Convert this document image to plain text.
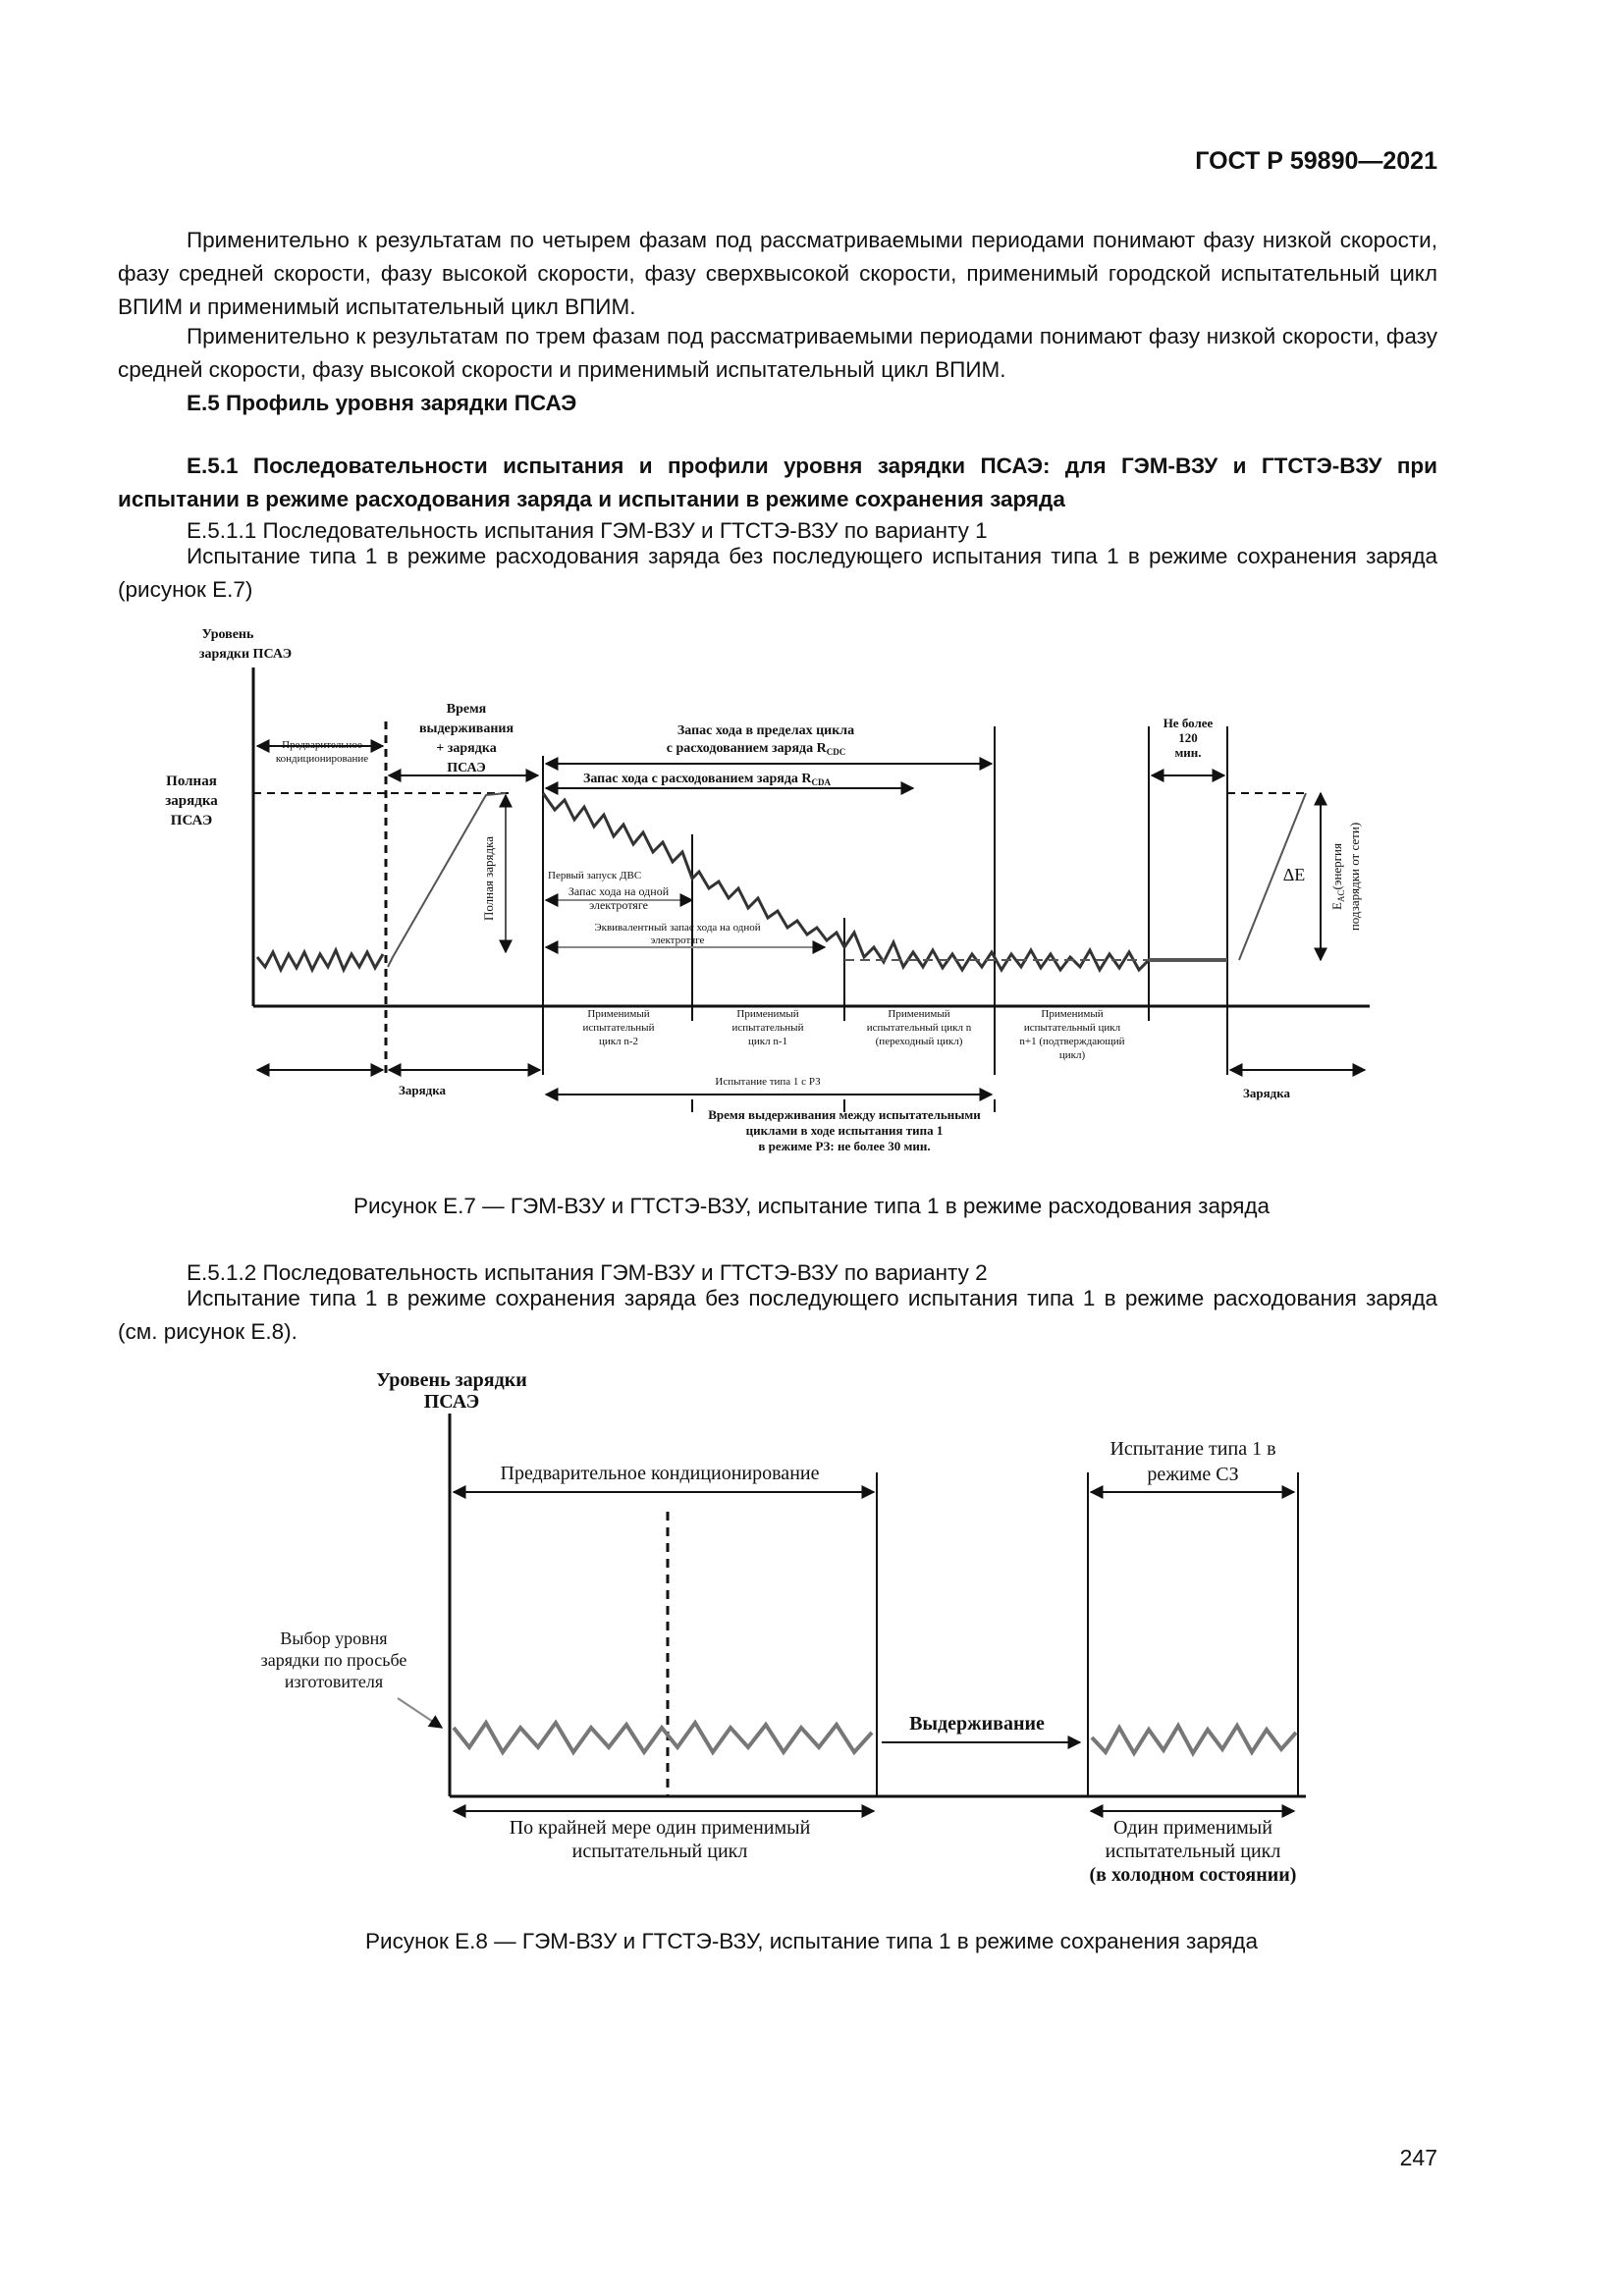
ГОСТ Р 59890—2021
Применительно к результатам по четырем фазам под рассматриваемыми периодами понимают фазу низкой скорости, фазу средней скорости, фазу высокой скорости, фазу сверхвысокой скорости, применимый городской испытательный цикл ВПИМ и применимый испытательный цикл ВПИМ.
Применительно к результатам по трем фазам под рассматриваемыми периодами понимают фазу низкой скорости, фазу средней скорости, фазу высокой скорости и применимый испытательный цикл ВПИМ.
Е.5 Профиль уровня зарядки ПСАЭ
Е.5.1 Последовательности испытания и профили уровня зарядки ПСАЭ: для ГЭМ-ВЗУ и ГТСТЭ-ВЗУ при испытании в режиме расходования заряда и испытании в режиме сохранения заряда
Е.5.1.1 Последовательность испытания ГЭМ-ВЗУ и ГТСТЭ-ВЗУ по варианту 1
Испытание типа 1 в режиме расходования заряда без последующего испытания типа 1 в режиме сохранения заряда (рисунок Е.7)
Уровень
зарядки ПСАЭ
Полная
зарядка
ПСАЭ
Предварительное
кондиционирование
Время
выдерживания
+ зарядка
ПСАЭ
Полная зарядка
Запас хода в пределах цикла
с расходованием заряда $R_{CDC}$
Запас хода с расходованием заряда $R_{CDA}$
Первый запуск ДВС
Запас хода на одной
электротяге
Эквивалентный запас хода на одной
электротяге
Не более
120
мин.
ΔE
$E_{AC}(энергия$ подзарядки от сети)
Применимый
испытательный
цикл n-2
Применимый
испытательный
цикл n-1
Применимый
испытательный цикл n
(переходный цикл)
Применимый
испытательный цикл
n+1 (подтверждающий
цикл)
Зарядка	Зарядка
Испытание типа 1 с РЗ
Время выдерживания между испытательными
циклами в ходе испытания типа 1
в режиме РЗ: не более 30 мин.
Рисунок Е.7 — ГЭМ-ВЗУ и ГТСТЭ-ВЗУ, испытание типа 1 в режиме расходования заряда
Е.5.1.2 Последовательность испытания ГЭМ-ВЗУ и ГТСТЭ-ВЗУ по варианту 2
Испытание типа 1 в режиме сохранения заряда без последующего испытания типа 1 в режиме расходования заряда (см. рисунок Е.8).
Уровень зарядки
ПСАЭ
Предварительное кондиционирование
Испытание типа 1 в
режиме СЗ
Выбор уровня
зарядки по просьбе
изготовителя
Выдерживание
По крайней мере один применимый
испытательный цикл
Один применимый
испытательный цикл
(в холодном состоянии)
Рисунок Е.8 — ГЭМ-ВЗУ и ГТСТЭ-ВЗУ, испытание типа 1 в режиме сохранения заряда
247
